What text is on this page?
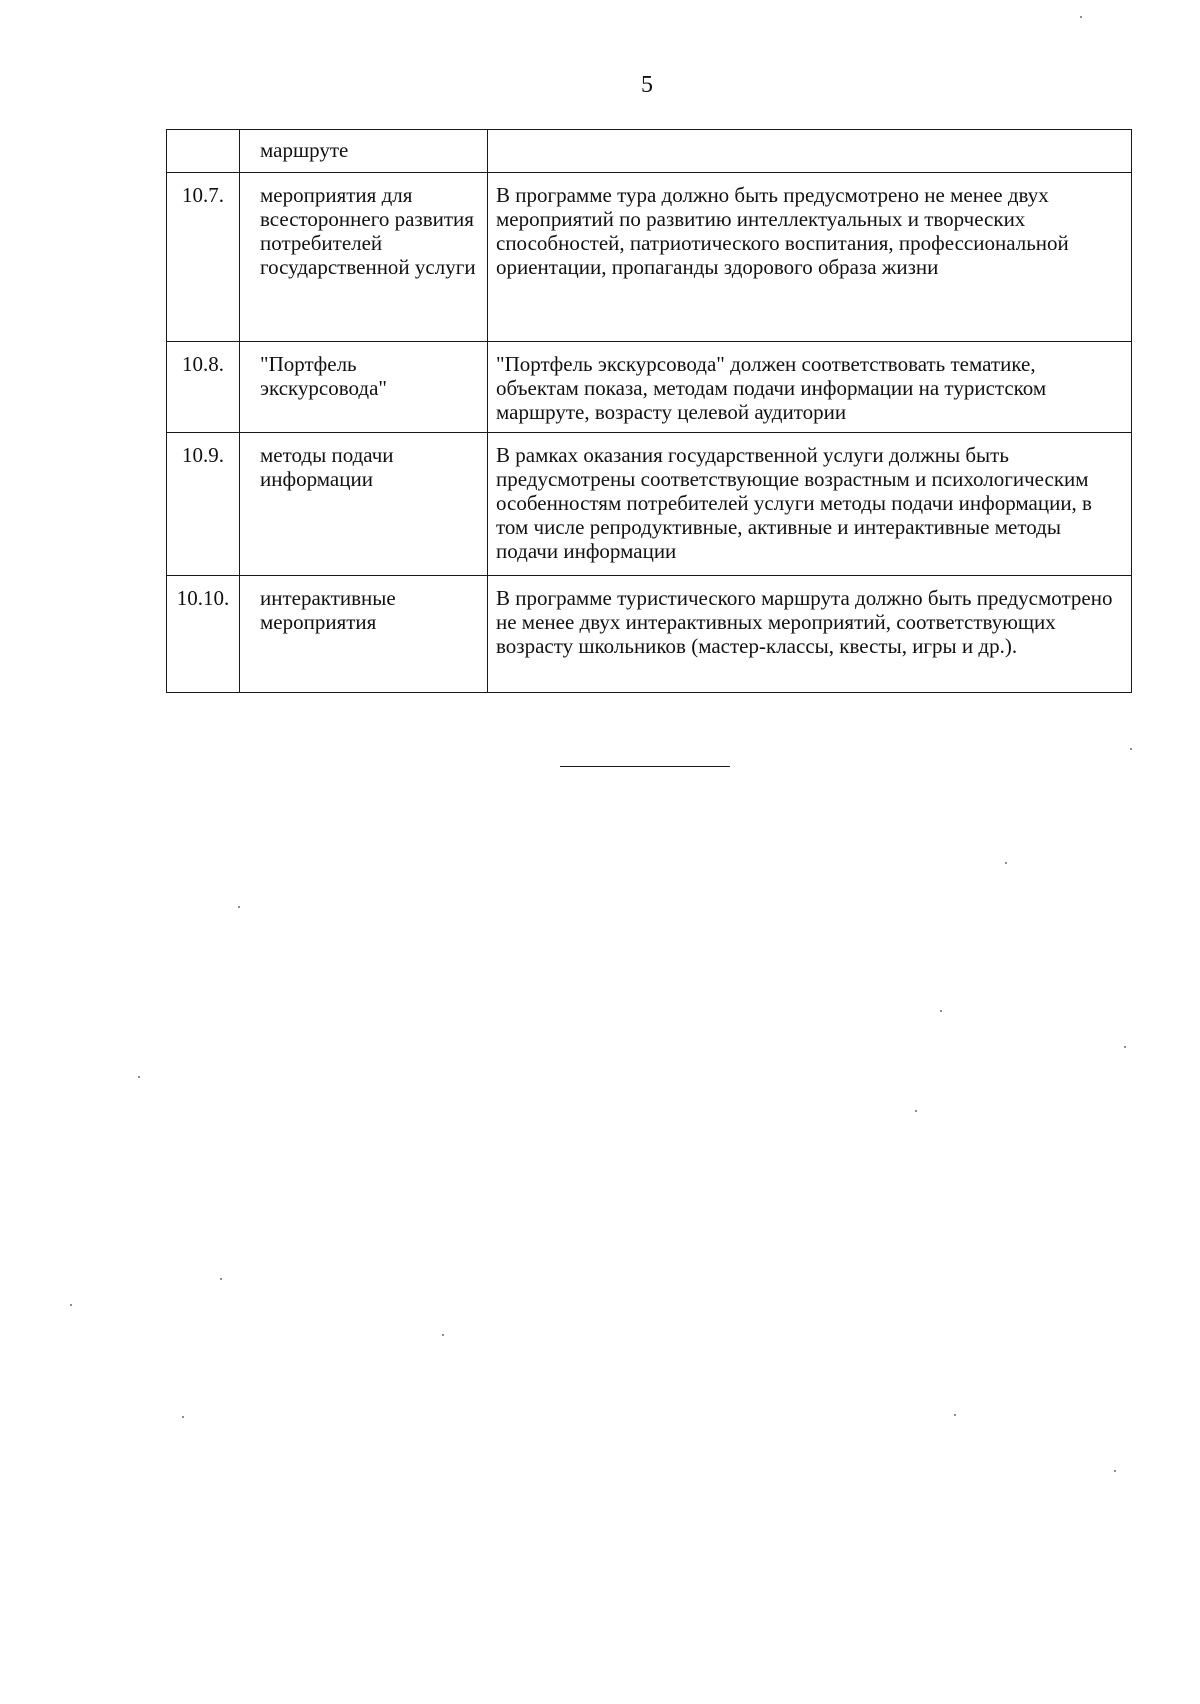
5
	маршруте	
10.7.	мероприятия для всестороннего развития потребителей государственной услуги	В программе тура должно быть предусмотрено не менее двух мероприятий по развитию интеллектуальных и творческих способностей, патриотического воспитания, профессиональной ориентации, пропаганды здорового образа жизни
10.8.	"Портфель экскурсовода"	"Портфель экскурсовода" должен соответствовать тематике, объектам показа, методам подачи информации на туристском маршруте, возрасту целевой аудитории
10.9.	методы подачи информации	В рамках оказания государственной услуги должны быть предусмотрены соответствующие возрастным и психологическим особенностям потребителей услуги методы подачи информации, в том числе репродуктивные, активные и интерактивные методы подачи информации
10.10.	интерактивные мероприятия	В программе туристического маршрута должно быть предусмотрено не менее двух интерактивных мероприятий, соответствующих возрасту школьников (мастер-классы, квесты, игры и др.).
